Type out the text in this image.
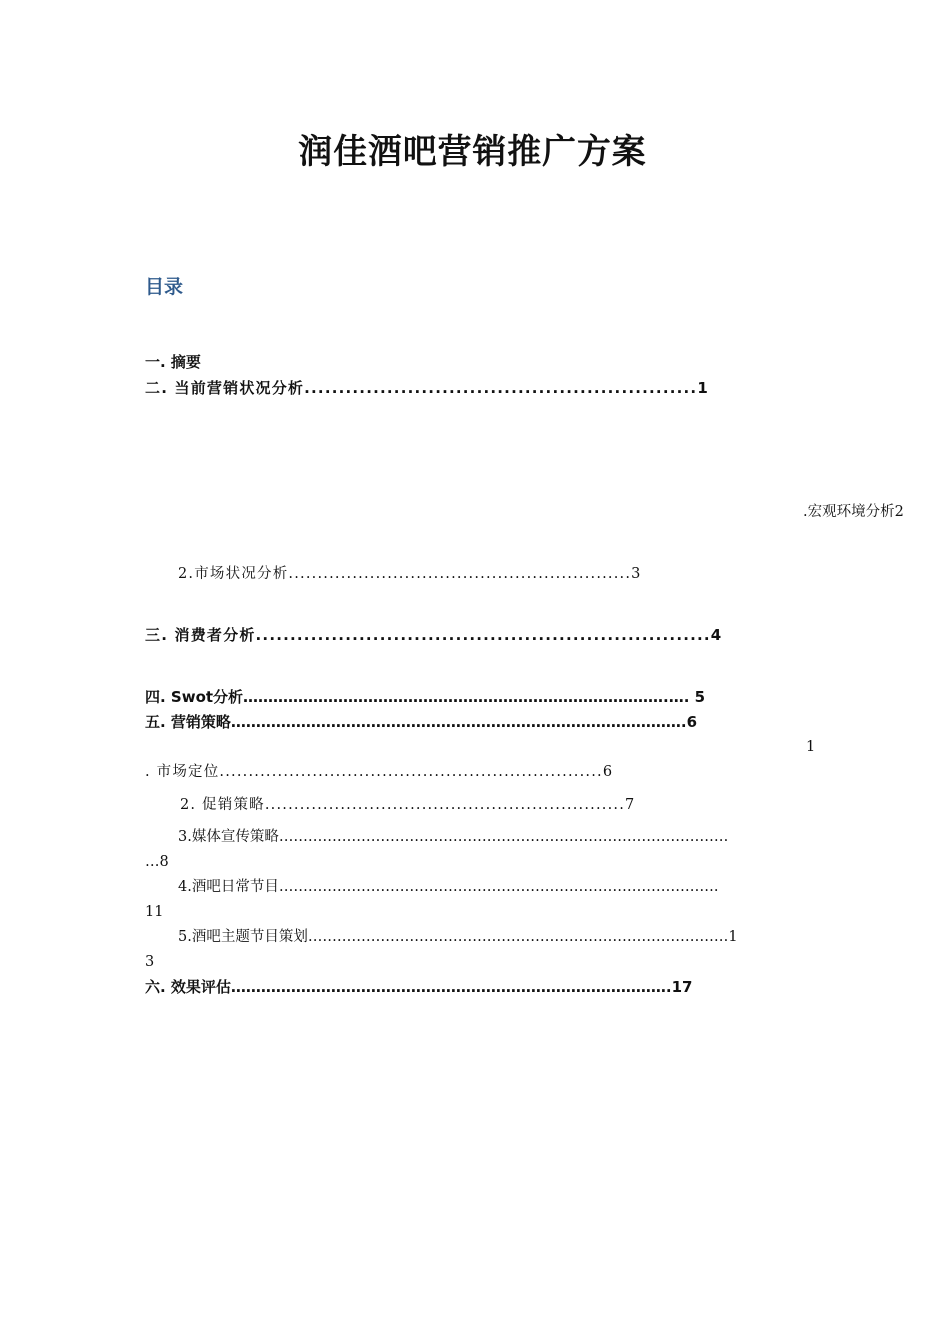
润佳酒吧营销推广方案
目录
一. 摘要
二. 当前营销状况分析.........................................................1
.宏观环境分析2
2.市场状况分析...........................................................3
三. 消费者分析..................................................................4
四. Swot分析………………………………………………………………………….…. 5
五. 营销策略……………………………………………………………………………….6
1
. 市场定位..................................................................6
2. 促销策略..............................................................7
3.媒体宣传策略…………………………………………………………………………………
…8
4.酒吧日常节目……………………………………………………………………………….
11
5.酒吧主题节目策划……………………………………………………………………………1
3
六. 效果评估…………………………………………………………………………….17
